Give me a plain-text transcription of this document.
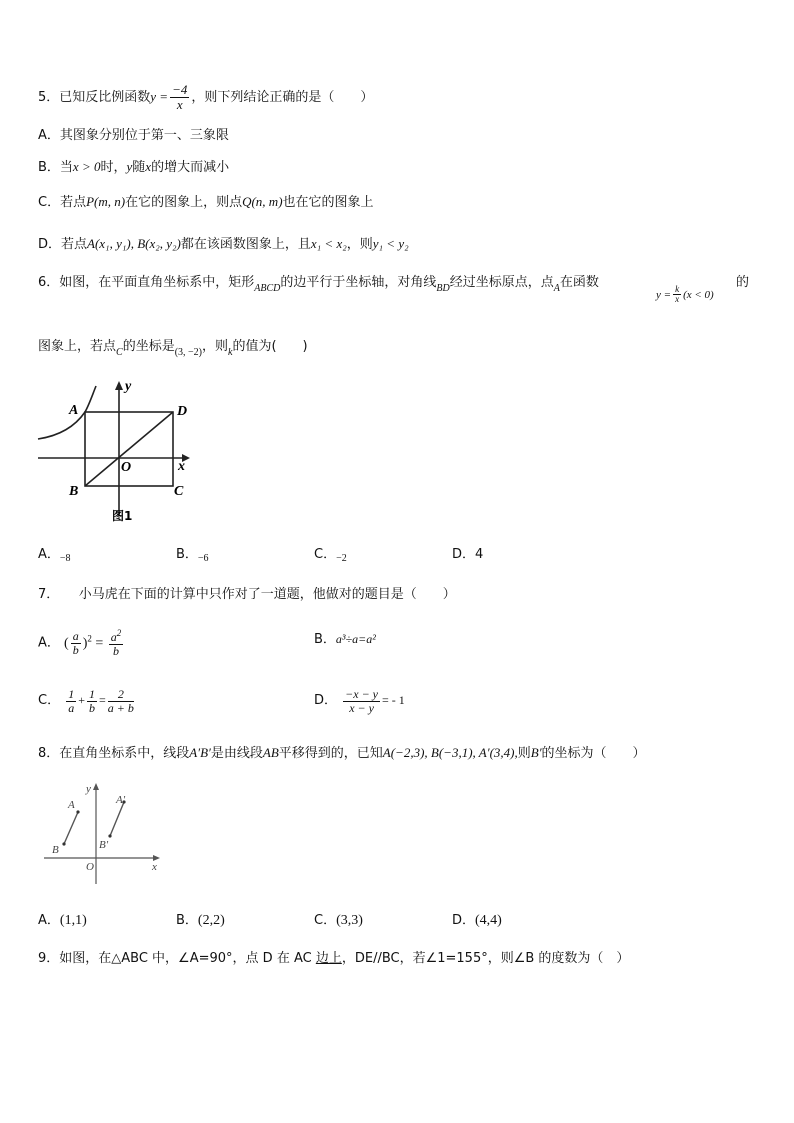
5．已知反比例函数$y = \frac{-4}{x}$ ，则下列结论正确的是（　　）
A．其图象分别位于第一、三象限
B．当x > 0时，y随x的增大而减小
C．若点P(m, n)在它的图象上，则点Q(n, m)也在它的图象上
D．若点A(x₁, y₁), B(x₂, y₂)都在该函数图象上，且x₁ < x₂，则y₁ < y₂
6．如图，在平面直角坐标系中，矩形$_{ABCD}$的边平行于坐标轴，对角线$_{BD}$经过坐标原点，点$_A$在函数
$y = \frac{k}{x} (x < 0)$
的
图象上，若点$_C$的坐标是$_{(3, -2)}$，则$_k$的值为(　　)
A	D
B	C
O	x
y
图1
A．$_{-8}$	B．$_{-6}$	C．$_{-2}$	D．4
7．　　小马虎在下面的计算中只作对了一道题，他做对的题目是（　　）
A． ( $\frac{a}{b} )^2 = \frac{a^2}{b}$	B．a³÷a=a²
C． $\frac{1}{a} + \frac{1}{b} = \frac{2}{a + b}$	D． $\frac{-x - y}{x - y}$ = - 1
8．在直角坐标系中，线段A′B′是由线段AB平移得到的，已知A(−2,3), B(−3,1), A′(3,4),则B′的坐标为（　　）
A
B
A'
B'
O	x
y
A．(1,1)	B．(2,2)	C．(3,3)	D．(4,4)
9．如图，在△ABC 中，∠A=90°，点 D 在 AC 边上，DE//BC，若∠1=155°，则∠B 的度数为（　）
